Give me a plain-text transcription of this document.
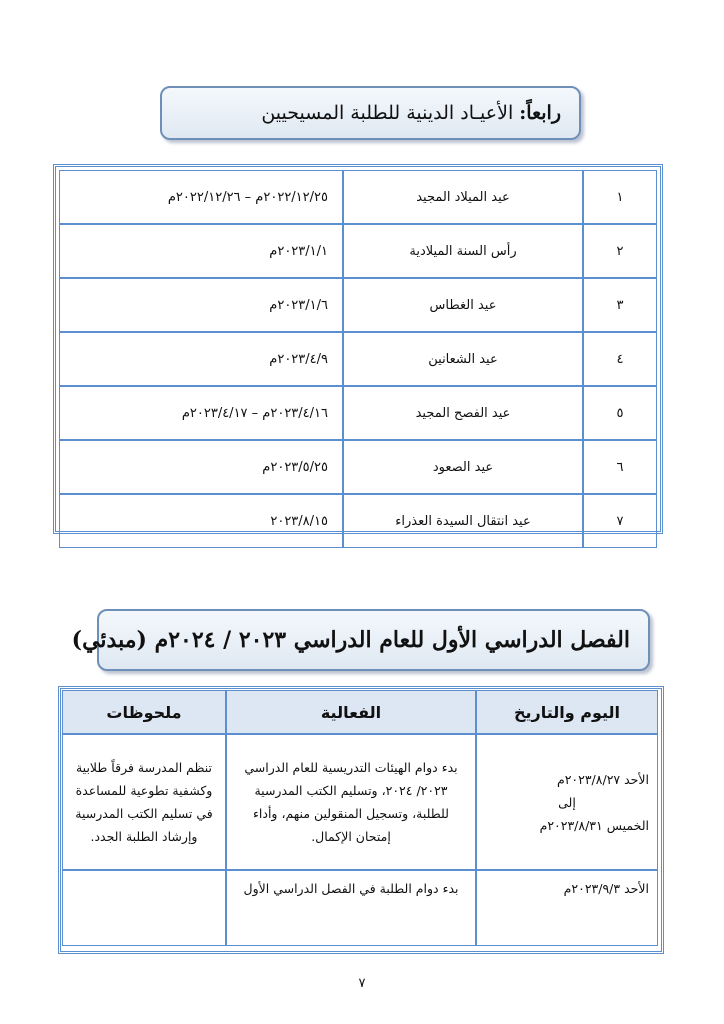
رابعاً: الأعيـاد الدينية للطلبة المسيحيين
١	عيد الميلاد المجيد	٢٠٢٢/١٢/٢٥م – ٢٠٢٢/١٢/٢٦م
٢	رأس السنة الميلادية	٢٠٢٣/١/١م
٣	عيد الغطاس	٢٠٢٣/١/٦م
٤	عيد الشعانين	٢٠٢٣/٤/٩م
٥	عيد الفصح المجيد	٢٠٢٣/٤/١٦م – ٢٠٢٣/٤/١٧م
٦	عيد الصعود	٢٠٢٣/٥/٢٥م
٧	عيد انتقال السيدة العذراء	٢٠٢٣/٨/١٥
الفصل الدراسي الأول للعام الدراسي ٢٠٢٣ / ٢٠٢٤م (مبدئي)
اليوم والتاريخ	الفعالية	ملحوظات

الأحد ٢٠٢٣/٨/٢٧م
إلى
الخميس ٢٠٢٣/٨/٣١م	بدء دوام الهيئات التدريسية للعام الدراسي ٢٠٢٣/ ٢٠٢٤، وتسليم الكتب المدرسية للطلبة، وتسجيل المنقولين منهم، وأداء إمتحان الإكمال.	تنظم المدرسة فرقاً طلابية وكشفية تطوعية للمساعدة في تسليم الكتب المدرسية وإرشاد الطلبة الجدد.

الأحد ٢٠٢٣/٩/٣م	بدء دوام الطلبة في الفصل الدراسي الأول	
٧
